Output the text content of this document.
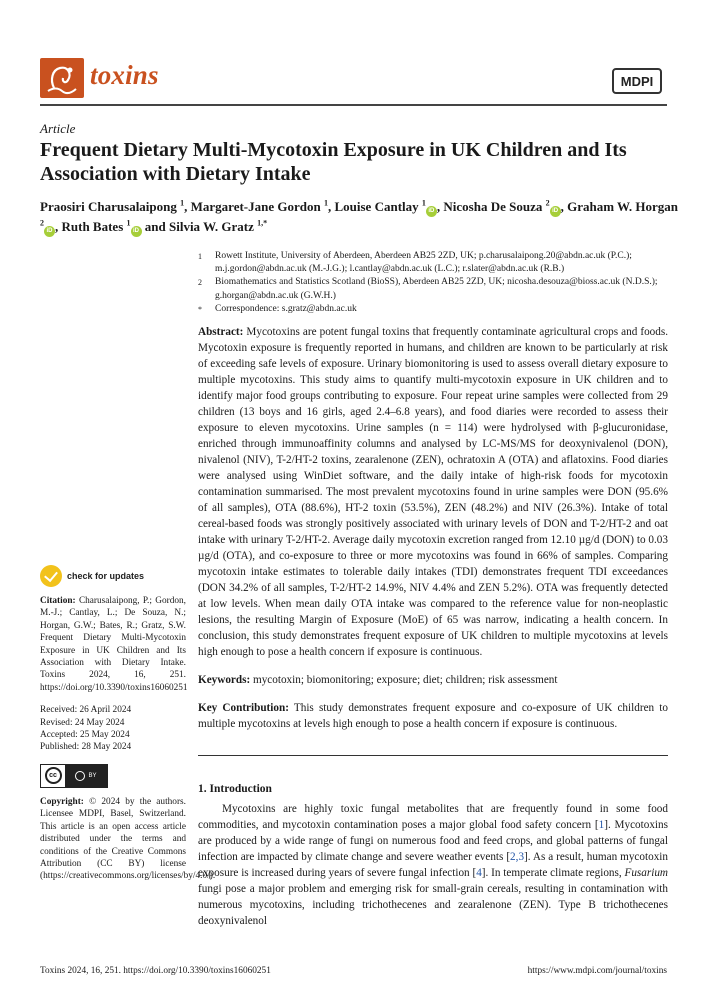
toxins	MDPI
Article
Frequent Dietary Multi-Mycotoxin Exposure in UK Children and Its Association with Dietary Intake
Praosiri Charusalaipong $^1$, Margaret-Jane Gordon $^1$, Louise Cantlay $^1$iD , Nicosha De Souza $^2$iD , Graham W. Horgan $^2$iD , Ruth Bates $^1$iD and Silvia W. Gratz $^{1,*}$
1	Rowett Institute, University of Aberdeen, Aberdeen AB25 2ZD, UK; p.charusalaipong.20@abdn.ac.uk (P.C.); m.j.gordon@abdn.ac.uk (M.-J.G.); l.cantlay@abdn.ac.uk (L.C.); r.slater@abdn.ac.uk (R.B.)
2	Biomathematics and Statistics Scotland (BioSS), Aberdeen AB25 2ZD, UK; nicosha.desouza@bioss.ac.uk (N.D.S.); g.horgan@abdn.ac.uk (G.W.H.)
*	Correspondence: s.gratz@abdn.ac.uk
check for updates

Citation: Charusalaipong, P.; Gordon, M.-J.; Cantlay, L.; De Souza, N.; Horgan, G.W.; Bates, R.; Gratz, S.W. Frequent Dietary Multi-Mycotoxin Exposure in UK Children and Its Association with Dietary Intake. Toxins 2024, 16, 251. https://doi.org/10.3390/toxins16060251

Received: 26 April 2024
Revised: 24 May 2024
Accepted: 25 May 2024
Published: 28 May 2024
cc	BY

Copyright: © 2024 by the authors. Licensee MDPI, Basel, Switzerland. This article is an open access article distributed under the terms and conditions of the Creative Commons Attribution (CC BY) license (https://creativecommons.org/licenses/by/4.0/).

Abstract: Mycotoxins are potent fungal toxins that frequently contaminate agricultural crops and foods. Mycotoxin exposure is frequently reported in humans, and children are known to be particularly at risk of exceeding safe levels of exposure. Urinary biomonitoring is used to assess overall dietary exposure to multiple mycotoxins. This study aims to quantify multi-mycotoxin exposure in UK children and to identify major food groups contributing to exposure. Four repeat urine samples were collected from 29 children (13 boys and 16 girls, aged 2.4–6.8 years), and food diaries were recorded to assess their exposure to eleven mycotoxins. Urine samples (n = 114) were hydrolysed with β-glucuronidase, enriched through immunoaffinity columns and analysed by LC-MS/MS for deoxynivalenol (DON), nivalenol (NIV), T-2/HT-2 toxins, zearalenone (ZEN), ochratoxin A (OTA) and aflatoxins. Food diaries were analysed using WinDiet software, and the daily intake of high-risk foods for mycotoxin contamination summarised. The most prevalent mycotoxins found in urine samples were DON (95.6% of all samples), OTA (88.6%), HT-2 toxin (53.5%), ZEN (48.2%) and NIV (26.3%). Intake of total cereal-based foods was strongly positively associated with urinary levels of DON and T-2/HT-2 and oat intake with urinary T-2/HT-2. Average daily mycotoxin excretion ranged from 12.10 µg/d (DON) to 0.03 µg/d (OTA), and co-exposure to three or more mycotoxins was found in 66% of samples. Comparing mycotoxin intake estimates to tolerable daily intakes (TDI) demonstrates frequent TDI exceedances (DON 34.2% of all samples, T-2/HT-2 14.9%, NIV 4.4% and ZEN 5.2%). OTA was frequently detected at low levels. When mean daily OTA intake was compared to the reference value for non-neoplastic lesions, the resulting Margin of Exposure (MoE) of 65 was narrow, indicating a health concern. In conclusion, this study demonstrates frequent exposure of UK children to multiple mycotoxins at levels high enough to pose a health concern if exposure is continuous.

Keywords: mycotoxin; biomonitoring; exposure; diet; children; risk assessment

Key Contribution: This study demonstrates frequent exposure and co-exposure of UK children to multiple mycotoxins at levels high enough to pose a health concern if exposure is continuous.

1. Introduction
Mycotoxins are highly toxic fungal metabolites that are frequently found in some food commodities, and mycotoxin contamination poses a major global food safety concern [1]. Mycotoxins are produced by a wide range of fungi on numerous food and feed crops, and global patterns of fungal infection are impacted by climate change and severe weather events [2,3]. As a result, human mycotoxin exposure is increased during years of severe fungal infection [4]. In temperate climate regions, Fusarium fungi pose a major problem and emerging risk for small-grain cereals, resulting in contamination with numerous mycotoxins, including trichothecenes and zearalenone (ZEN). Type B trichothecenes deoxynivalenol
Toxins 2024, 16, 251. https://doi.org/10.3390/toxins16060251	https://www.mdpi.com/journal/toxins
